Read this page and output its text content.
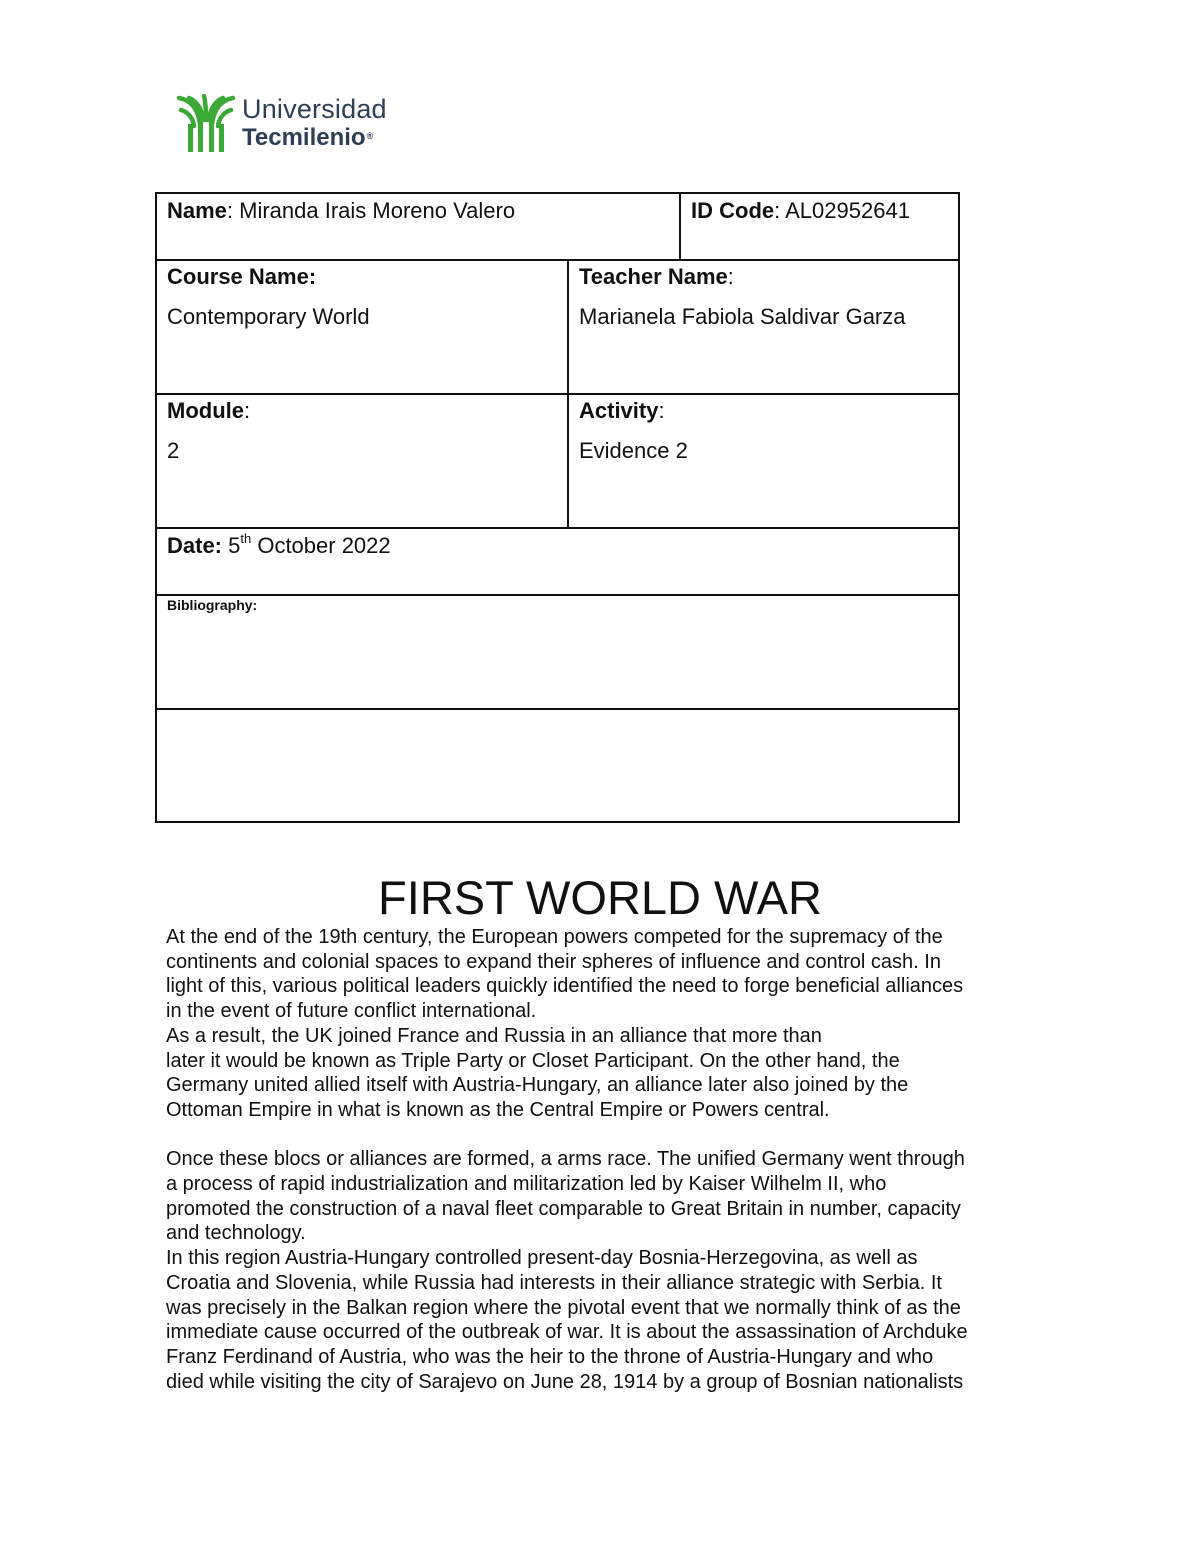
Universidad
Tecmilenio®
Name: Miranda Irais Moreno Valero	ID Code: AL02952641
Course Name:
Contemporary World
Teacher Name:
Marianela Fabiola Saldivar Garza
Module:
2
Activity:
Evidence 2
Date: 5th October 2022
Bibliography:
FIRST WORLD WAR

At the end of the 19th century, the European powers competed for the supremacy of the

continents and colonial spaces to expand their spheres of influence and control cash. In

light of this, various political leaders quickly identified the need to forge beneficial alliances

in the event of future conflict international.

As a result, the UK joined France and Russia in an alliance that more than

later it would be known as Triple Party or Closet Participant. On the other hand, the

Germany united allied itself with Austria-Hungary, an alliance later also joined by the

Ottoman Empire in what is known as the Central Empire or Powers central.

Once these blocs or alliances are formed, a arms race. The unified Germany went through

a process of rapid industrialization and militarization led by Kaiser Wilhelm II, who

promoted the construction of a naval fleet comparable to Great Britain in number, capacity

and technology.

In this region Austria-Hungary controlled present-day Bosnia-Herzegovina, as well as

Croatia and Slovenia, while Russia had interests in their alliance strategic with Serbia. It

was precisely in the Balkan region where the pivotal event that we normally think of as the

immediate cause occurred of the outbreak of war. It is about the assassination of Archduke

Franz Ferdinand of Austria, who was the heir to the throne of Austria-Hungary and who

died while visiting the city of Sarajevo on June 28, 1914 by a group of Bosnian nationalists
